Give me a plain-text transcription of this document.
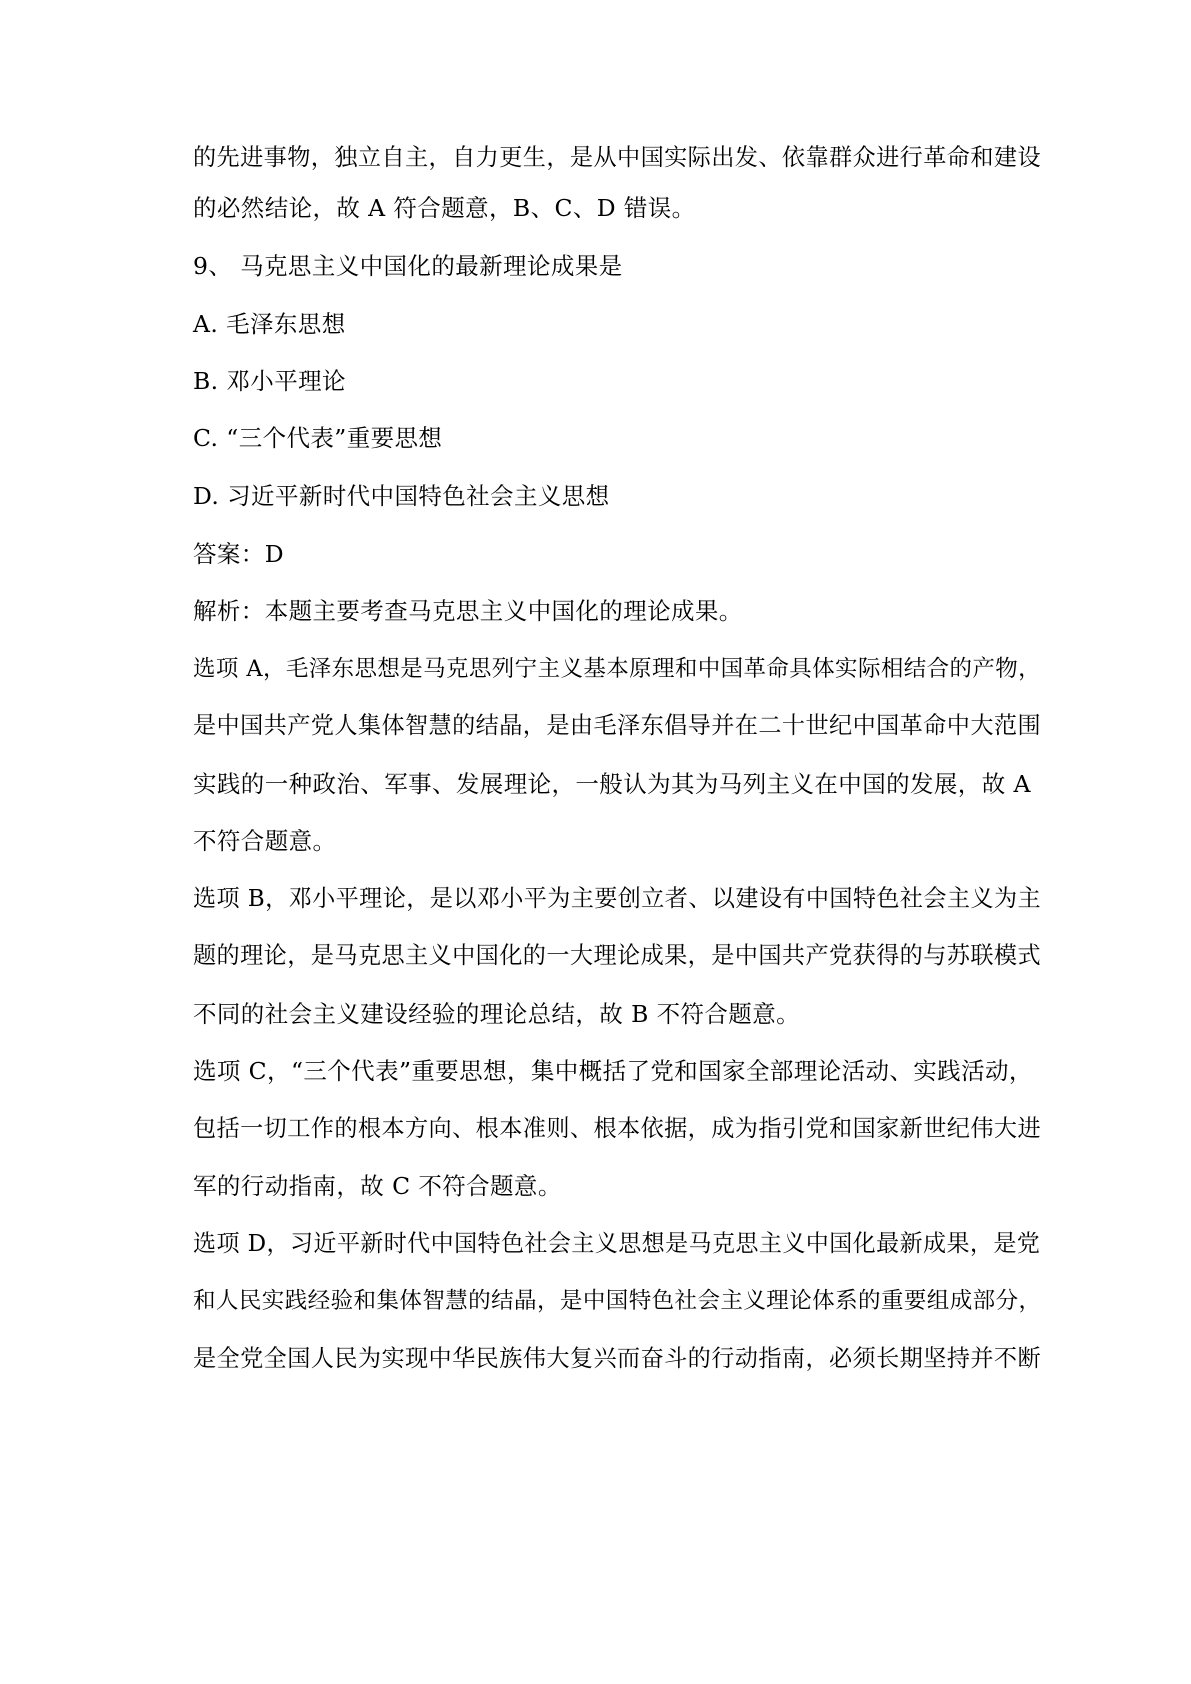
的先进事物，独立自主，自力更生，是从中国实际出发、依靠群众进行革命和建设
的必然结论，故 A 符合题意，B、C、D 错误。
9、 马克思主义中国化的最新理论成果是
A. 毛泽东思想
B. 邓小平理论
C. “三个代表”重要思想
D. 习近平新时代中国特色社会主义思想
答案：D
解析：本题主要考查马克思主义中国化的理论成果。
选项 A，毛泽东思想是马克思列宁主义基本原理和中国革命具体实际相结合的产物，
是中国共产党人集体智慧的结晶，是由毛泽东倡导并在二十世纪中国革命中大范围
实践的一种政治、军事、发展理论，一般认为其为马列主义在中国的发展，故 A
不符合题意。
选项 B，邓小平理论，是以邓小平为主要创立者、以建设有中国特色社会主义为主
题的理论，是马克思主义中国化的一大理论成果，是中国共产党获得的与苏联模式
不同的社会主义建设经验的理论总结，故 B 不符合题意。
选项 C，“三个代表”重要思想，集中概括了党和国家全部理论活动、实践活动，
包括一切工作的根本方向、根本准则、根本依据，成为指引党和国家新世纪伟大进
军的行动指南，故 C 不符合题意。
选项 D，习近平新时代中国特色社会主义思想是马克思主义中国化最新成果，是党
和人民实践经验和集体智慧的结晶，是中国特色社会主义理论体系的重要组成部分，
是全党全国人民为实现中华民族伟大复兴而奋斗的行动指南，必须长期坚持并不断
